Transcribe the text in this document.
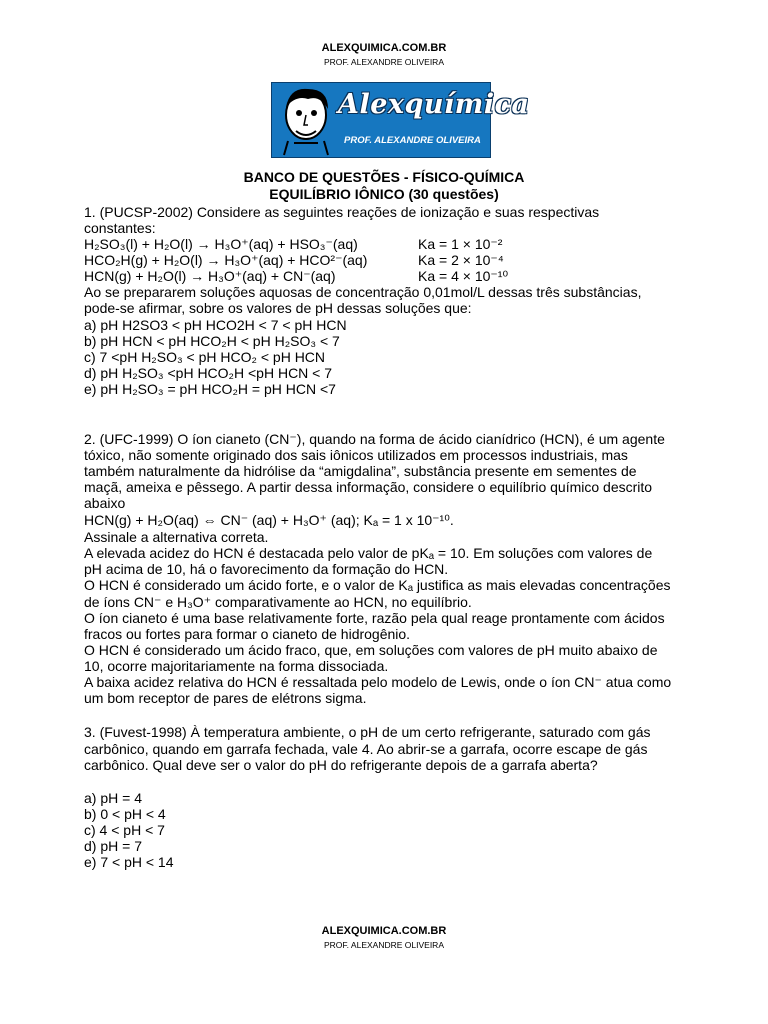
ALEXQUIMICA.COM.BR
PROF. ALEXANDRE OLIVEIRA
Alexquímica
PROF. ALEXANDRE OLIVEIRA
BANCO DE QUESTÕES - FÍSICO-QUÍMICA
EQUILÍBRIO IÔNICO (30 questões)
1. (PUCSP-2002) Considere as seguintes reações de ionização e suas respectivas
constantes:
H₂SO₃(l) + H₂O(l) → H₃O⁺(aq) + HSO₃⁻(aq)	Ka = 1 × 10⁻²
HCO₂H(g) + H₂O(l) → H₃O⁺(aq) + HCO²⁻(aq)	Ka = 2 × 10⁻⁴
HCN(g) + H₂O(l) → H₃O⁺(aq) + CN⁻(aq)	Ka = 4 × 10⁻¹⁰
Ao se prepararem soluções aquosas de concentração 0,01mol/L dessas três substâncias,
pode-se afirmar, sobre os valores de pH dessas soluções que:
a) pH H2SO3 < pH HCO2H < 7 < pH HCN
b) pH HCN < pH HCO₂H < pH H₂SO₃ < 7
c) 7 <pH H₂SO₃ < pH HCO₂ < pH HCN
d) pH H₂SO₃ <pH HCO₂H <pH HCN < 7
e) pH H₂SO₃ = pH HCO₂H = pH HCN <7
2. (UFC-1999) O íon cianeto (CN⁻), quando na forma de ácido cianídrico (HCN), é um agente
tóxico, não somente originado dos sais iônicos utilizados em processos industriais, mas
também naturalmente da hidrólise da “amigdalina”, substância presente em sementes de
maçã, ameixa e pêssego. A partir dessa informação, considere o equilíbrio químico descrito
abaixo
HCN(g) + H₂O(aq) ⇔ CN⁻ (aq) + H₃O⁺ (aq); Kₐ = 1 x 10⁻¹⁰.
Assinale a alternativa correta.
A elevada acidez do HCN é destacada pelo valor de pKₐ = 10. Em soluções com valores de
pH acima de 10, há o favorecimento da formação do HCN.
O HCN é considerado um ácido forte, e o valor de Kₐ justifica as mais elevadas concentrações
de íons CN⁻ e H₃O⁺ comparativamente ao HCN, no equilíbrio.
O íon cianeto é uma base relativamente forte, razão pela qual reage prontamente com ácidos
fracos ou fortes para formar o cianeto de hidrogênio.
O HCN é considerado um ácido fraco, que, em soluções com valores de pH muito abaixo de
10, ocorre majoritariamente na forma dissociada.
A baixa acidez relativa do HCN é ressaltada pelo modelo de Lewis, onde o íon CN⁻ atua como
um bom receptor de pares de elétrons sigma.
3. (Fuvest-1998) À temperatura ambiente, o pH de um certo refrigerante, saturado com gás
carbônico, quando em garrafa fechada, vale 4. Ao abrir-se a garrafa, ocorre escape de gás
carbônico. Qual deve ser o valor do pH do refrigerante depois de a garrafa aberta?
a) pH = 4
b) 0 < pH < 4
c) 4 < pH < 7
d) pH = 7
e) 7 < pH < 14
ALEXQUIMICA.COM.BR
PROF. ALEXANDRE OLIVEIRA
